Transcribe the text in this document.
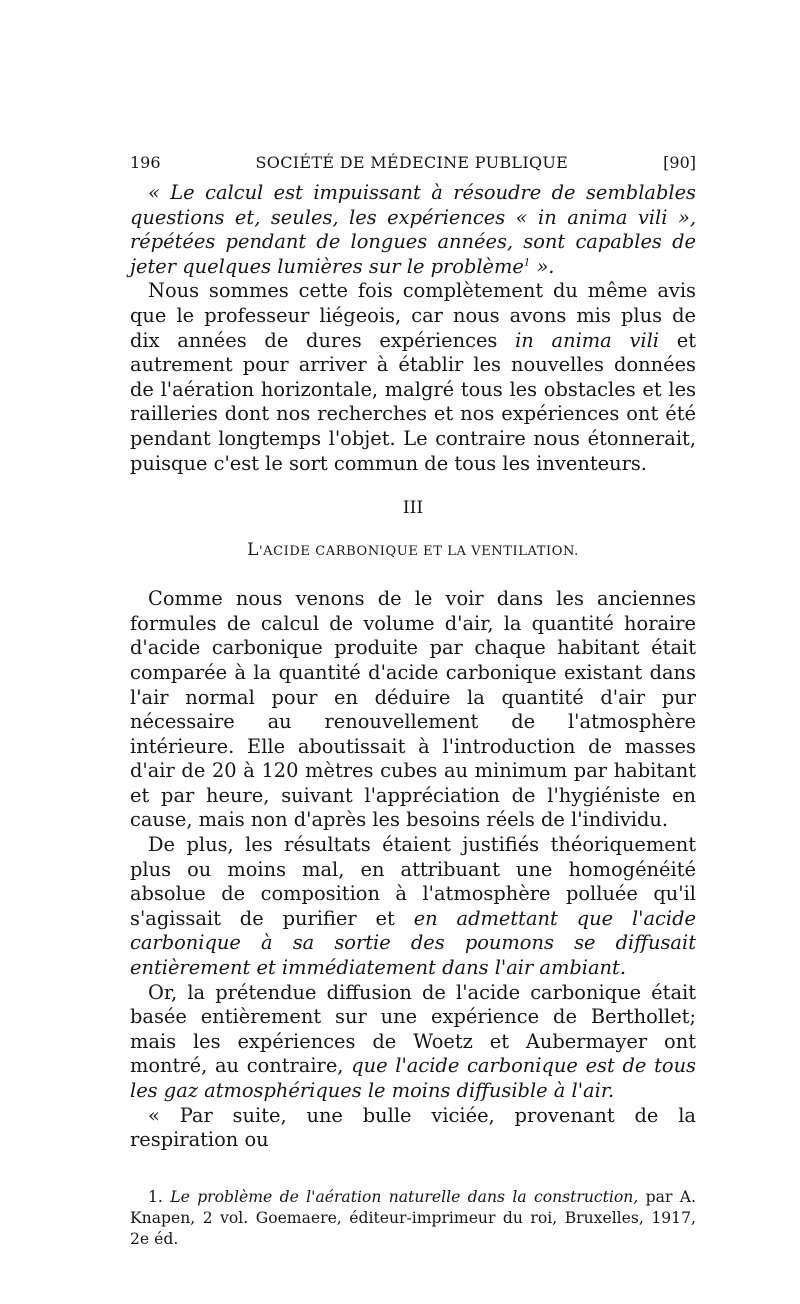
196	SOCIÉTÉ DE MÉDECINE PUBLIQUE	[90]

« Le calcul est impuissant à résoudre de semblables questions et, seules, les expériences « in anima vili », répétées pendant de longues années, sont capables de jeter quelques lumières sur le problème$^1$ ».

Nous sommes cette fois complètement du même avis que le professeur liégeois, car nous avons mis plus de dix années de dures expériences in anima vili et autrement pour arriver à établir les nouvelles données de l'aération horizontale, malgré tous les obstacles et les railleries dont nos recherches et nos expériences ont été pendant longtemps l'objet. Le contraire nous étonnerait, puisque c'est le sort commun de tous les inventeurs.

III
L'ACIDE CARBONIQUE ET LA VENTILATION.

Comme nous venons de le voir dans les anciennes formules de calcul de volume d'air, la quantité horaire d'acide carbonique produite par chaque habitant était comparée à la quantité d'acide carbonique existant dans l'air normal pour en déduire la quantité d'air pur nécessaire au renouvellement de l'atmosphère intérieure. Elle aboutissait à l'introduction de masses d'air de 20 à 120 mètres cubes au minimum par habitant et par heure, suivant l'appréciation de l'hygiéniste en cause, mais non d'après les besoins réels de l'individu.

De plus, les résultats étaient justifiés théoriquement plus ou moins mal, en attribuant une homogénéité absolue de composition à l'atmosphère polluée qu'il s'agissait de purifier et en admettant que l'acide carbonique à sa sortie des poumons se diffusait entièrement et immédiatement dans l'air ambiant.

Or, la prétendue diffusion de l'acide carbonique était basée entièrement sur une expérience de Berthollet; mais les expériences de Woetz et Aubermayer ont montré, au contraire, que l'acide carbonique est de tous les gaz atmosphériques le moins diffusible à l'air.

« Par suite, une bulle viciée, provenant de la respiration ou

1. Le problème de l'aération naturelle dans la construction, par A. Knapen, 2 vol. Goemaere, éditeur-imprimeur du roi, Bruxelles, 1917, 2e éd.
